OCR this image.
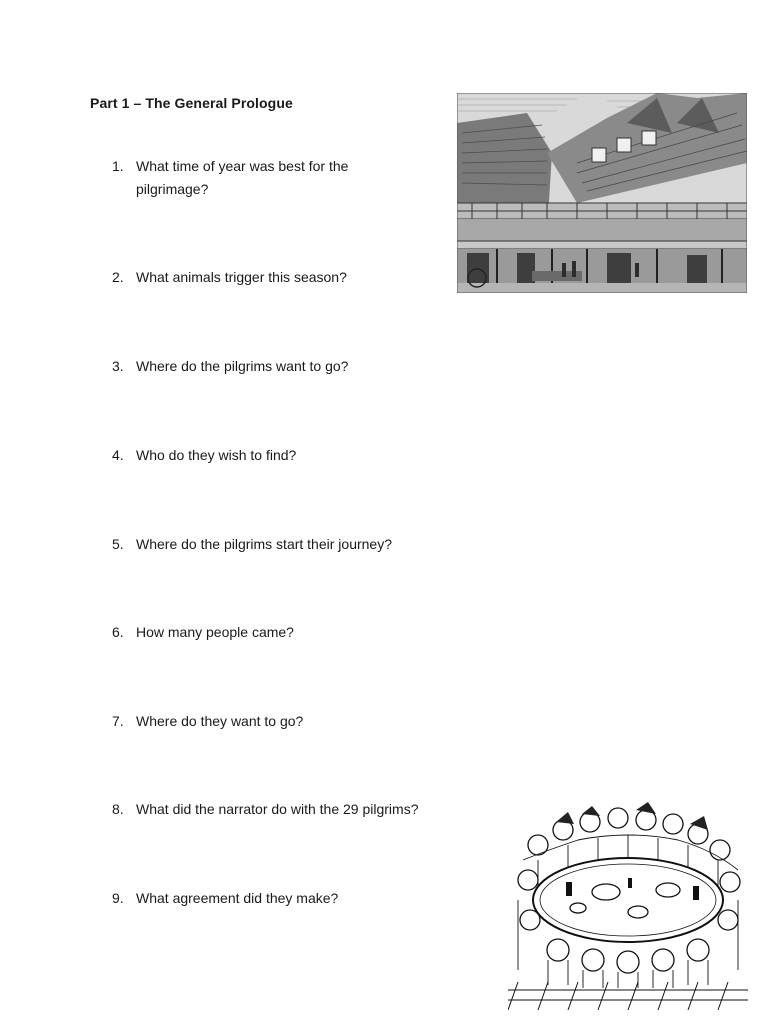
Part 1 – The General Prologue
1. What time of year was best for the pilgrimage?
2. What animals trigger this season?
3. Where do the pilgrims want to go?
4. Who do they wish to find?
5. Where do the pilgrims start their journey?
6. How many people came?
7. Where do they want to go?
8. What did the narrator do with the 29 pilgrims?
9. What agreement did they make?
